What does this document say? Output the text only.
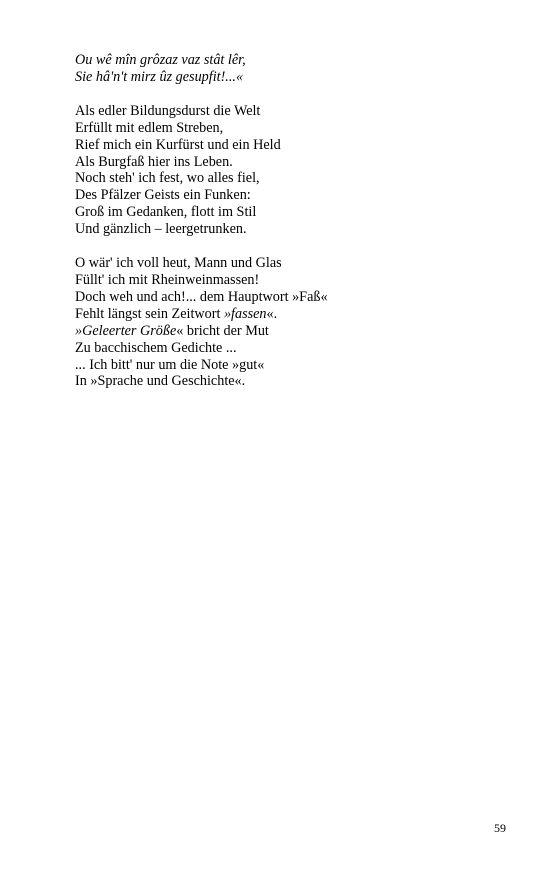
Ou wê mîn grôzaz vaz stât lêr,
Sie hâ'n't mirz ûz gesupfit!...«
Als edler Bildungsdurst die Welt
Erfüllt mit edlem Streben,
Rief mich ein Kurfürst und ein Held
Als Burgfaß hier ins Leben.
Noch steh' ich fest, wo alles fiel,
Des Pfälzer Geists ein Funken:
Groß im Gedanken, flott im Stil
Und gänzlich – leergetrunken.
O wär' ich voll heut, Mann und Glas
Füllt' ich mit Rheinweinmassen!
Doch weh und ach!... dem Hauptwort »Faß«
Fehlt längst sein Zeitwort »fassen«.
»Geleerter Größe« bricht der Mut
Zu bacchischem Gedichte ...
... Ich bitt' nur um die Note »gut«
In »Sprache und Geschichte«.
59
